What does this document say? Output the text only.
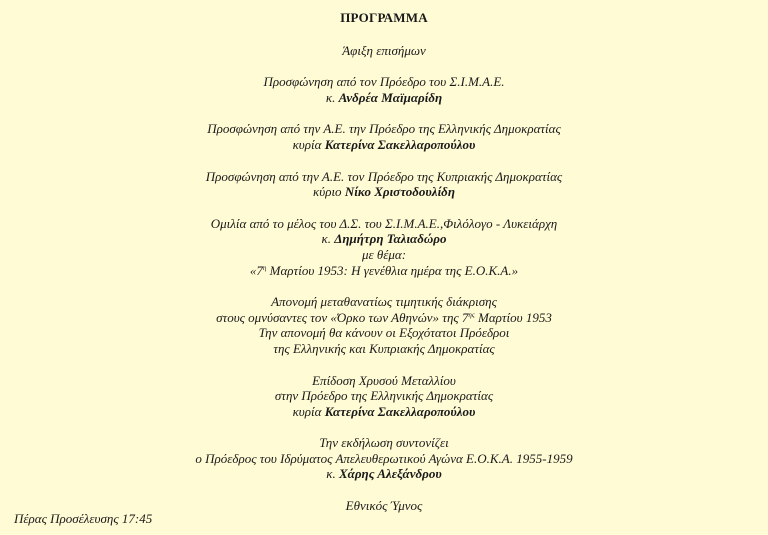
ΠΡΟΓΡΑΜΜΑ
Άφιξη επισήμων
Προσφώνηση από τον Πρόεδρο του Σ.Ι.Μ.Α.Ε.
κ. Ανδρέα Μαϊμαρίδη
Προσφώνηση από την Α.Ε. την Πρόεδρο της Ελληνικής Δημοκρατίας
κυρία Κατερίνα Σακελλαροπούλου
Προσφώνηση από την Α.Ε. τον Πρόεδρο της Κυπριακής Δημοκρατίας
κύριο Νίκο Χριστοδουλίδη
Ομιλία από το μέλος του Δ.Σ. του Σ.Ι.Μ.Α.Ε.,Φιλόλογο - Λυκειάρχη
κ. Δημήτρη Ταλιαδώρο
με θέμα:
«$7^\eta$ Μαρτίου 1953: Η γενέθλια ημέρα της Ε.Ο.Κ.Α.»
Απονομή μεταθανατίως τιμητικής διάκρισης
στους ομνύσαντες τον «Όρκο των Αθηνών» της $7^{\eta\varsigma}$ Μαρτίου 1953
Την απονομή θα κάνουν οι Εξοχότατοι Πρόεδροι
της Ελληνικής και Κυπριακής Δημοκρατίας
Επίδοση Χρυσού Μεταλλίου
στην Πρόεδρο της Ελληνικής Δημοκρατίας
κυρία Κατερίνα Σακελλαροπούλου
Την εκδήλωση συντονίζει
ο Πρόεδρος του Ιδρύματος Απελευθερωτικού Αγώνα Ε.Ο.Κ.Α. 1955-1959
κ. Χάρης Αλεξάνδρου
Εθνικός Ύμνος
Πέρας Προσέλευσης 17:45
